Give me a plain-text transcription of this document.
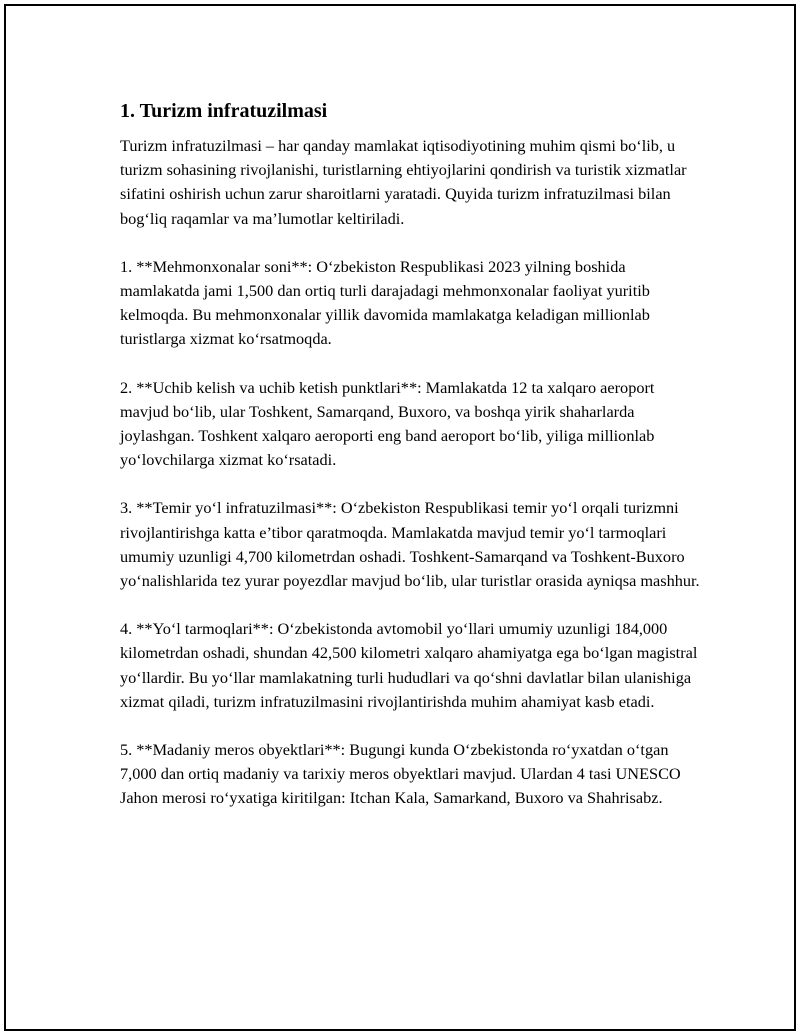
1. Turizm infratuzilmasi

Turizm infratuzilmasi – har qanday mamlakat iqtisodiyotining muhim qismi bo‘lib, u turizm sohasining rivojlanishi, turistlarning ehtiyojlarini qondirish va turistik xizmatlar sifatini oshirish uchun zarur sharoitlarni yaratadi. Quyida turizm infratuzilmasi bilan bog‘liq raqamlar va ma’lumotlar keltiriladi.

1. **Mehmonxonalar soni**: O‘zbekiston Respublikasi 2023 yilning boshida mamlakatda jami 1,500 dan ortiq turli darajadagi mehmonxonalar faoliyat yuritib kelmoqda. Bu mehmonxonalar yillik davomida mamlakatga keladigan millionlab turistlarga xizmat ko‘rsatmoqda.

2. **Uchib kelish va uchib ketish punktlari**: Mamlakatda 12 ta xalqaro aeroport mavjud bo‘lib, ular Toshkent, Samarqand, Buxoro, va boshqa yirik shaharlarda joylashgan. Toshkent xalqaro aeroporti eng band aeroport bo‘lib, yiliga millionlab yo‘lovchilarga xizmat ko‘rsatadi.

3. **Temir yo‘l infratuzilmasi**: O‘zbekiston Respublikasi temir yo‘l orqali turizmni rivojlantirishga katta e’tibor qaratmoqda. Mamlakatda mavjud temir yo‘l tarmoqlari umumiy uzunligi 4,700 kilometrdan oshadi. Toshkent-Samarqand va Toshkent-Buxoro yo‘nalishlarida tez yurar poyezdlar mavjud bo‘lib, ular turistlar orasida ayniqsa mashhur.

4. **Yo‘l tarmoqlari**: O‘zbekistonda avtomobil yo‘llari umumiy uzunligi 184,000 kilometrdan oshadi, shundan 42,500 kilometri xalqaro ahamiyatga ega bo‘lgan magistral yo‘llardir. Bu yo‘llar mamlakatning turli hududlari va qo‘shni davlatlar bilan ulanishiga xizmat qiladi, turizm infratuzilmasini rivojlantirishda muhim ahamiyat kasb etadi.

5. **Madaniy meros obyektlari**: Bugungi kunda O‘zbekistonda ro‘yxatdan o‘tgan 7,000 dan ortiq madaniy va tarixiy meros obyektlari mavjud. Ulardan 4 tasi UNESCO Jahon merosi ro‘yxatiga kiritilgan: Itchan Kala, Samarkand, Buxoro va Shahrisabz.
